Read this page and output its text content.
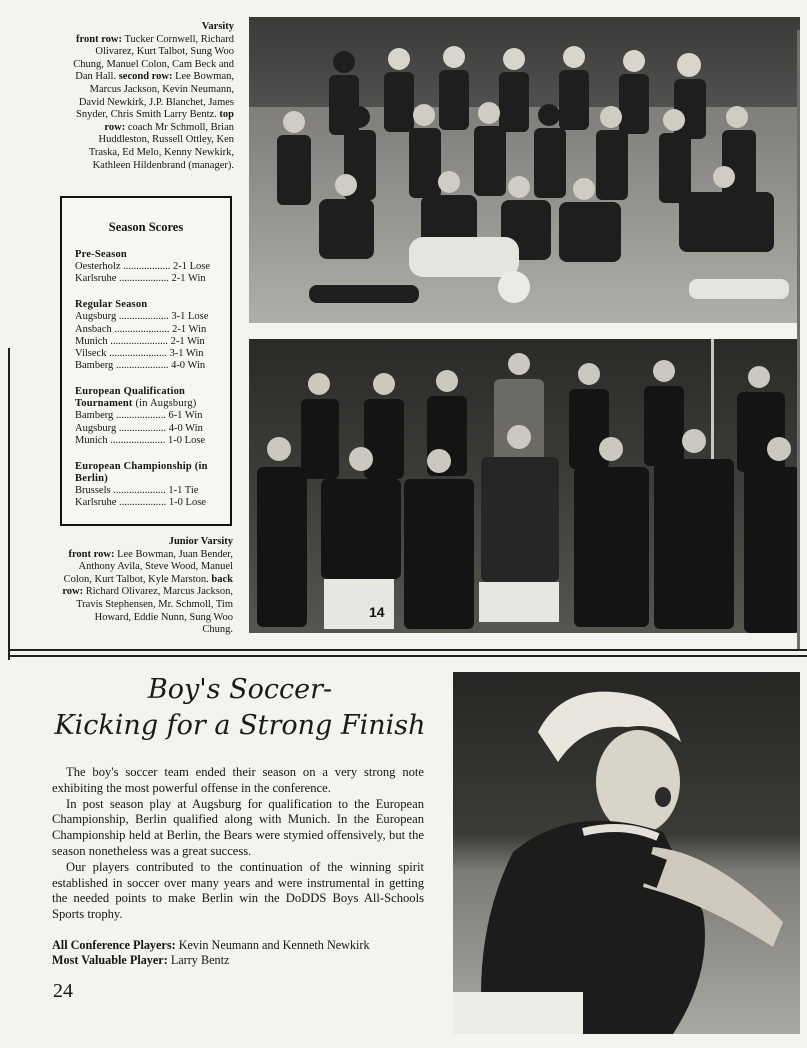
Varsity
front row: Tucker Cornwell, Richard Olivarez, Kurt Talbot, Sung Woo Chung, Manuel Colon, Cam Beck and Dan Hall. second row: Lee Bowman, Marcus Jackson, Kevin Neumann, David Newkirk, J.P. Blanchet, James Snyder, Chris Smith Larry Bentz. top row: coach Mr Schmoll, Brian Huddleston, Russell Ottley, Ken Traska, Ed Melo, Kenny Newkirk, Kathleen Hildenbrand (manager).
Season Scores
Pre-Season
Oesterholz .................. 2-1 Lose
Karlsruhe ................... 2-1 Win
Regular Season
Augsburg ................... 3-1 Lose
Ansbach ..................... 2-1 Win
Munich ...................... 2-1 Win
Vilseck ...................... 3-1 Win
Bamberg .................... 4-0 Win
European Qualification Tournament (in Augsburg)
Bamberg ................... 6-1 Win
Augsburg .................. 4-0 Win
Munich ..................... 1-0 Lose
European Championship (in Berlin)
Brussels .................... 1-1 Tie
Karlsruhe .................. 1-0 Lose
Junior Varsity
front row: Lee Bowman, Juan Bender, Anthony Avila, Steve Wood, Manuel Colon, Kurt Talbot, Kyle Marston. back row: Richard Olivarez, Marcus Jackson, Travis Stephensen, Mr. Schmoll, Tim Howard, Eddie Nunn, Sung Woo Chung.
14
Boy's Soccer-
Kicking for a Strong Finish

The boy's soccer team ended their season on a very strong note exhibiting the most powerful offense in the conference.

In post season play at Augsburg for qualification to the European Championship, Berlin qualified along with Munich. In the European Championship held at Berlin, the Bears were stymied offensively, but the season nonetheless was a great success.

Our players contributed to the continuation of the winning spirit established in soccer over many years and were instrumental in getting the needed points to make Berlin win the DoDDS Boys All-Schools Sports trophy.

All Conference Players: Kevin Neumann and Kenneth Newkirk
Most Valuable Player: Larry Bentz
24
